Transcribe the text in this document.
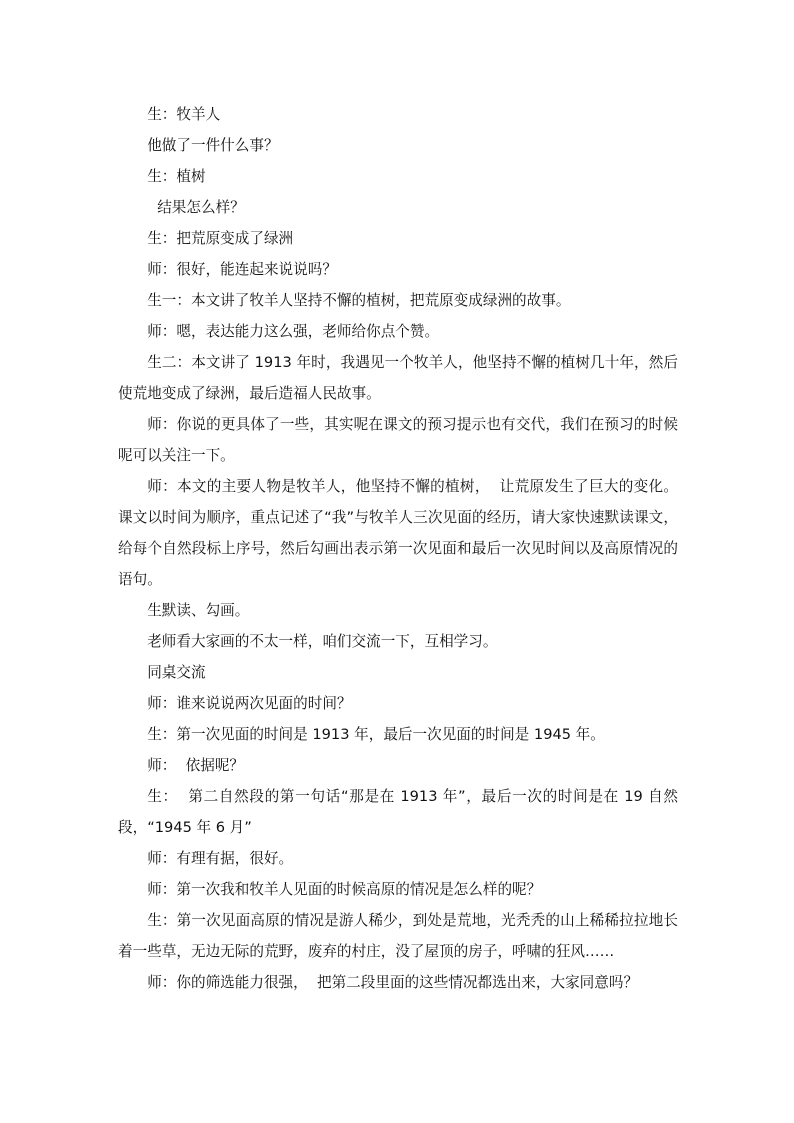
生：牧羊人

他做了一件什么事？

生：植树

结果怎么样？

生：把荒原变成了绿洲

师：很好，能连起来说说吗？

生一：本文讲了牧羊人坚持不懈的植树，把荒原变成绿洲的故事。

师：嗯，表达能力这么强，老师给你点个赞。

生二：本文讲了 1913 年时，我遇见一个牧羊人，他坚持不懈的植树几十年，然后使荒地变成了绿洲，最后造福人民故事。

师：你说的更具体了一些，其实呢在课文的预习提示也有交代，我们在预习的时候呢可以关注一下。

师：本文的主要人物是牧羊人，他坚持不懈的植树，  让荒原发生了巨大的变化。课文以时间为顺序，重点记述了“我”与牧羊人三次见面的经历，请大家快速默读课文，给每个自然段标上序号，然后勾画出表示第一次见面和最后一次见时间以及高原情况的语句。

生默读、勾画。

老师看大家画的不太一样，咱们交流一下，互相学习。

同桌交流

师：谁来说说两次见面的时间？

生：第一次见面的时间是 1913 年，最后一次见面的时间是 1945 年。

师：  依据呢？

生：  第二自然段的第一句话“那是在 1913 年”，最后一次的时间是在 19 自然段，“1945 年 6 月”

师：有理有据，很好。

师：第一次我和牧羊人见面的时候高原的情况是怎么样的呢？

生：第一次见面高原的情况是游人稀少，到处是荒地，光秃秃的山上稀稀拉拉地长着一些草，无边无际的荒野，废弃的村庄，没了屋顶的房子，呼啸的狂风……

师：你的筛选能力很强，  把第二段里面的这些情况都选出来，大家同意吗？
